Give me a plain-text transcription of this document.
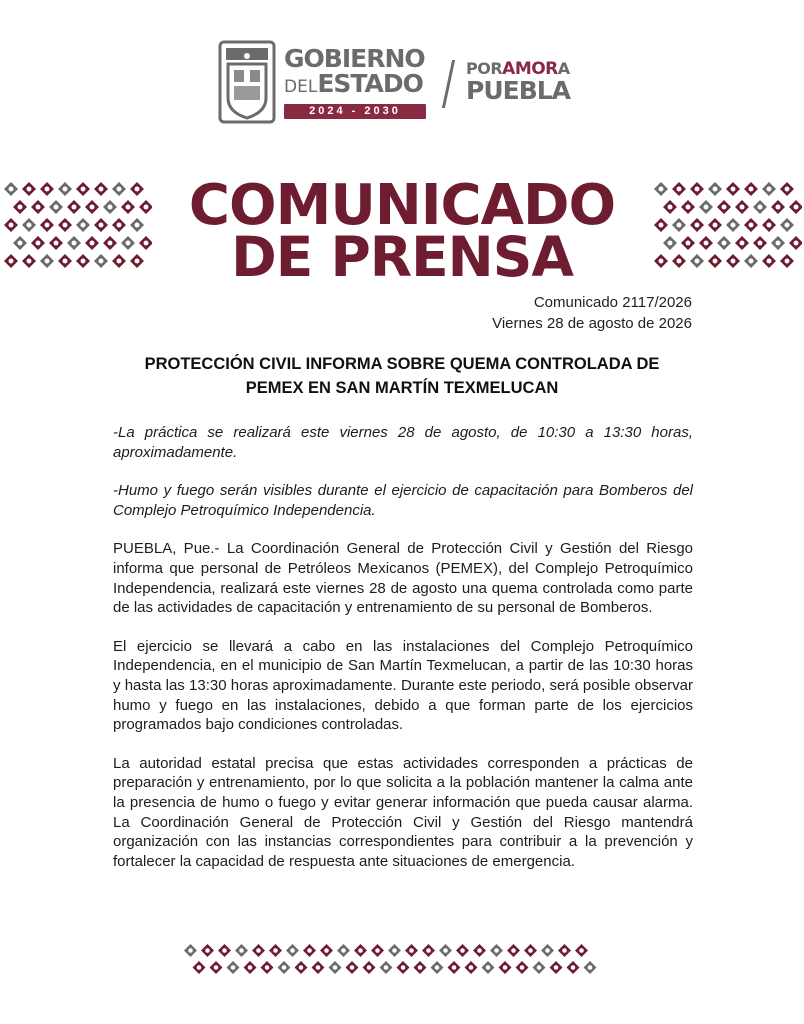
GOBIERNO
DELESTADO
2024 - 2030
PORAMORA
PUEBLA
COMUNICADO
DE PRENSA
Comunicado 2117/2026
Viernes 28 de agosto de 2026
PROTECCIÓN CIVIL INFORMA SOBRE QUEMA CONTROLADA DE
PEMEX EN SAN MARTÍN TEXMELUCAN

-La práctica se realizará este viernes 28 de agosto, de 10:30 a 13:30 horas, aproximadamente.

-Humo y fuego serán visibles durante el ejercicio de capacitación para Bomberos del Complejo Petroquímico Independencia.

PUEBLA, Pue.- La Coordinación General de Protección Civil y Gestión del Riesgo informa que personal de Petróleos Mexicanos (PEMEX), del Complejo Petroquímico Independencia, realizará este viernes 28 de agosto una quema controlada como parte de las actividades de capacitación y entrenamiento de su personal de Bomberos.

El ejercicio se llevará a cabo en las instalaciones del Complejo Petroquímico Independencia, en el municipio de San Martín Texmelucan, a partir de las 10:30 horas y hasta las 13:30 horas aproximadamente. Durante este periodo, será posible observar humo y fuego en las instalaciones, debido a que forman parte de los ejercicios programados bajo condiciones controladas.

La autoridad estatal precisa que estas actividades corresponden a prácticas de preparación y entrenamiento, por lo que solicita a la población mantener la calma ante la presencia de humo o fuego y evitar generar información que pueda causar alarma. La Coordinación General de Protección Civil y Gestión del Riesgo mantendrá organización con las instancias correspondientes para contribuir a la prevención y fortalecer la capacidad de respuesta ante situaciones de emergencia.
